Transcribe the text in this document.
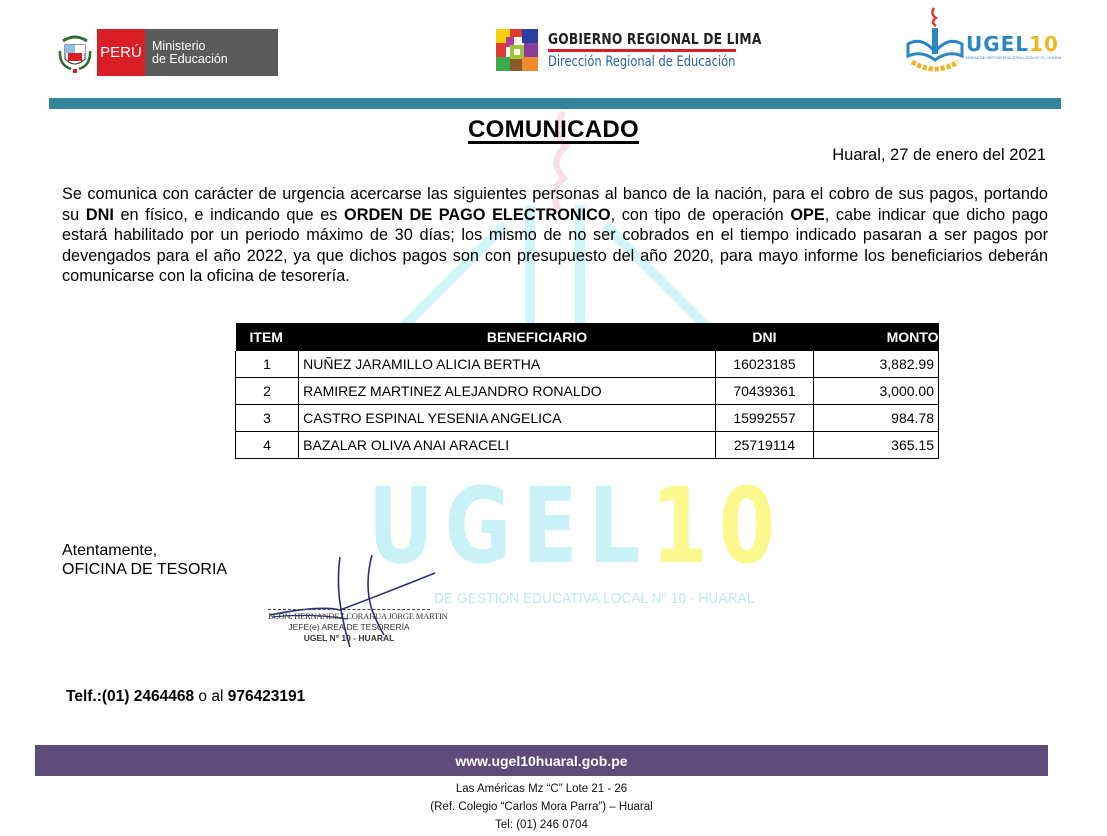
PERÚ Ministerio
de Educación
GOBIERNO REGIONAL DE LIMA
Dirección Regional de Educación
UGEL10
UNIDAD DE GESTION EDUCATIVA LOCAL N° 10 - HUARAL
UGEL10
DE GESTION EDUCATIVA LOCAL N° 10 - HUARAL
COMUNICADO
Huaral, 27 de enero del 2021
Se comunica con carácter de urgencia acercarse las siguientes personas al banco de la nación, para el cobro de sus pagos, portando su DNI en físico, e indicando que es ORDEN DE PAGO ELECTRONICO, con tipo de operación OPE, cabe indicar que dicho pago estará habilitado por un periodo máximo de 30 días; los mismo de no ser cobrados en el tiempo indicado pasaran a ser pagos por devengados para el año 2022, ya que dichos pagos son con presupuesto del año 2020, para mayo informe los beneficiarios deberán comunicarse con la oficina de tesorería.
ITEM	BENEFICIARIO	DNI	MONTO
1	NUÑEZ JARAMILLO ALICIA BERTHA	16023185	3,882.99
2	RAMIREZ MARTINEZ ALEJANDRO RONALDO	70439361	3,000.00
3	CASTRO ESPINAL YESENIA ANGELICA	15992557	984.78
4	BAZALAR OLIVA ANAI ARACELI	25719114	365.15
Atentamente,
OFICINA DE TESORIA
ECON. HERNANDEZ CORAHUA JORGE MARTIN
JEFE(e) AREA DE TESORERÍA
UGEL N° 10 - HUARAL
Telf.:(01) 2464468 o al 976423191
www.ugel10huaral.gob.pe
Las Américas Mz “C” Lote 21 - 26
(Ref. Colegio “Carlos Mora Parra”) – Huaral
Tel: (01) 246 0704
